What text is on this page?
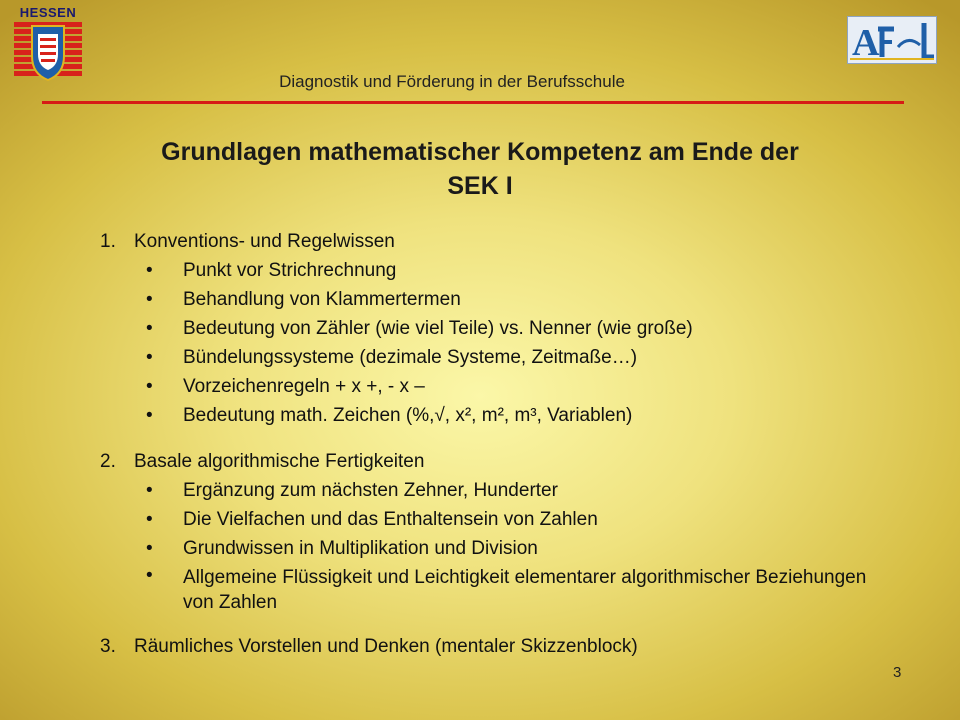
HESSEN
A
Diagnostik und Förderung in der Berufsschule
Grundlagen mathematischer Kompetenz am Ende der
SEK I
1. Konventions- und Regelwissen
• Punkt vor Strichrechnung
• Behandlung von Klammertermen
• Bedeutung von Zähler (wie viel Teile) vs. Nenner (wie große)
• Bündelungssysteme (dezimale Systeme, Zeitmaße…)
• Vorzeichenregeln + x +, - x –
• Bedeutung math. Zeichen (%,√, x², m², m³, Variablen)
2. Basale algorithmische Fertigkeiten
• Ergänzung zum nächsten Zehner, Hunderter
• Die Vielfachen und das Enthaltensein von Zahlen
• Grundwissen in Multiplikation und Division
• Allgemeine Flüssigkeit und Leichtigkeit elementarer algorithmischer Beziehungen von Zahlen
3. Räumliches Vorstellen und Denken (mentaler Skizzenblock)
3
